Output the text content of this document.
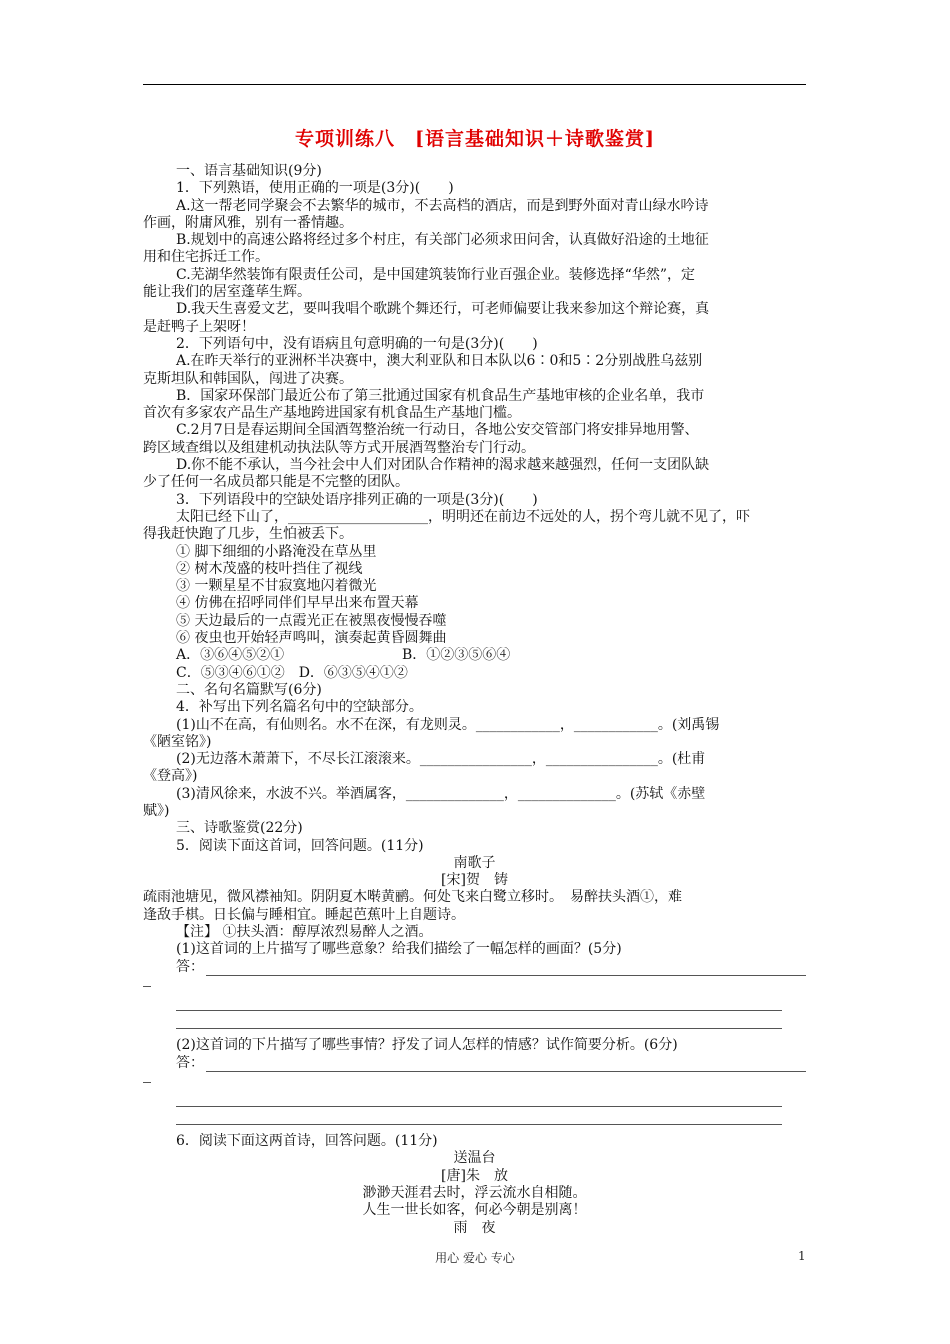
专项训练八　[语言基础知识＋诗歌鉴赏]
一、语言基础知识(9分)
1．下列熟语，使用正确的一项是(3分)(　　)
A.这一帮老同学聚会不去繁华的城市，不去高档的酒店，而是到野外面对青山绿水吟诗
作画，附庸风雅，别有一番情趣。
B.规划中的高速公路将经过多个村庄，有关部门必须求田问舍，认真做好沿途的土地征
用和住宅拆迁工作。
C.芜湖华然装饰有限责任公司，是中国建筑装饰行业百强企业。装修选择“华然”，定
能让我们的居室蓬荜生辉。
D.我天生喜爱文艺，要叫我唱个歌跳个舞还行，可老师偏要让我来参加这个辩论赛，真
是赶鸭子上架呀！
2．下列语句中，没有语病且句意明确的一句是(3分)(　　)
A.在昨天举行的亚洲杯半决赛中，澳大利亚队和日本队以6∶0和5∶2分别战胜乌兹别
克斯坦队和韩国队，闯进了决赛。
B．国家环保部门最近公布了第三批通过国家有机食品生产基地审核的企业名单，我市
首次有多家农产品生产基地跨进国家有机食品生产基地门槛。
C.2月7日是春运期间全国酒驾整治统一行动日，各地公安交管部门将安排异地用警、
跨区域查缉以及组建机动执法队等方式开展酒驾整治专门行动。
D.你不能不承认，当今社会中人们对团队合作精神的渴求越来越强烈，任何一支团队缺
少了任何一名成员都只能是不完整的团队。
3．下列语段中的空缺处语序排列正确的一项是(3分)(　　)
太阳已经下山了，____________________，明明还在前边不远处的人，拐个弯儿就不见了，吓
得我赶快跑了几步，生怕被丢下。
① 脚下细细的小路淹没在草丛里
② 树木茂盛的枝叶挡住了视线
③ 一颗星星不甘寂寞地闪着微光
④ 仿佛在招呼同伴们早早出来布置天幕
⑤ 天边最后的一点霞光正在被黑夜慢慢吞噬
⑥ 夜虫也开始轻声鸣叫，演奏起黄昏圆舞曲
A．③⑥④⑤②①	B．①②③⑤⑥④
C．⑤③④⑥①②　D．⑥③⑤④①②
二、名句名篇默写(6分)
4．补写出下列名篇名句中的空缺部分。
(1)山不在高，有仙则名。水不在深，有龙则灵。____________，____________。(刘禹锡
《陋室铭》)
(2)无边落木萧萧下，不尽长江滚滚来。________________，________________。(杜甫
《登高》)
(3)清风徐来，水波不兴。举酒属客，______________，______________。(苏轼《赤壁
赋》)
三、诗歌鉴赏(22分)
5．阅读下面这首词，回答问题。(11分)
南歌子
[宋]贺　铸
疏雨池塘见，微风襟袖知。阴阴夏木啭黄鹂。何处飞来白鹭立移时。　易醉扶头酒①，难
逢敌手棋。日长偏与睡相宜。睡起芭蕉叶上自题诗。
【注】 ①扶头酒：醇厚浓烈易醉人之酒。
(1)这首词的上片描写了哪些意象？给我们描绘了一幅怎样的画面？(5分)
答：
(2)这首词的下片描写了哪些事情？抒发了词人怎样的情感？试作简要分析。(6分)
答：
6．阅读下面这两首诗，回答问题。(11分)
送温台
[唐]朱　放
渺渺天涯君去时，浮云流水自相随。
人生一世长如客，何必今朝是别离！
雨　夜
用心 爱心 专心	1
